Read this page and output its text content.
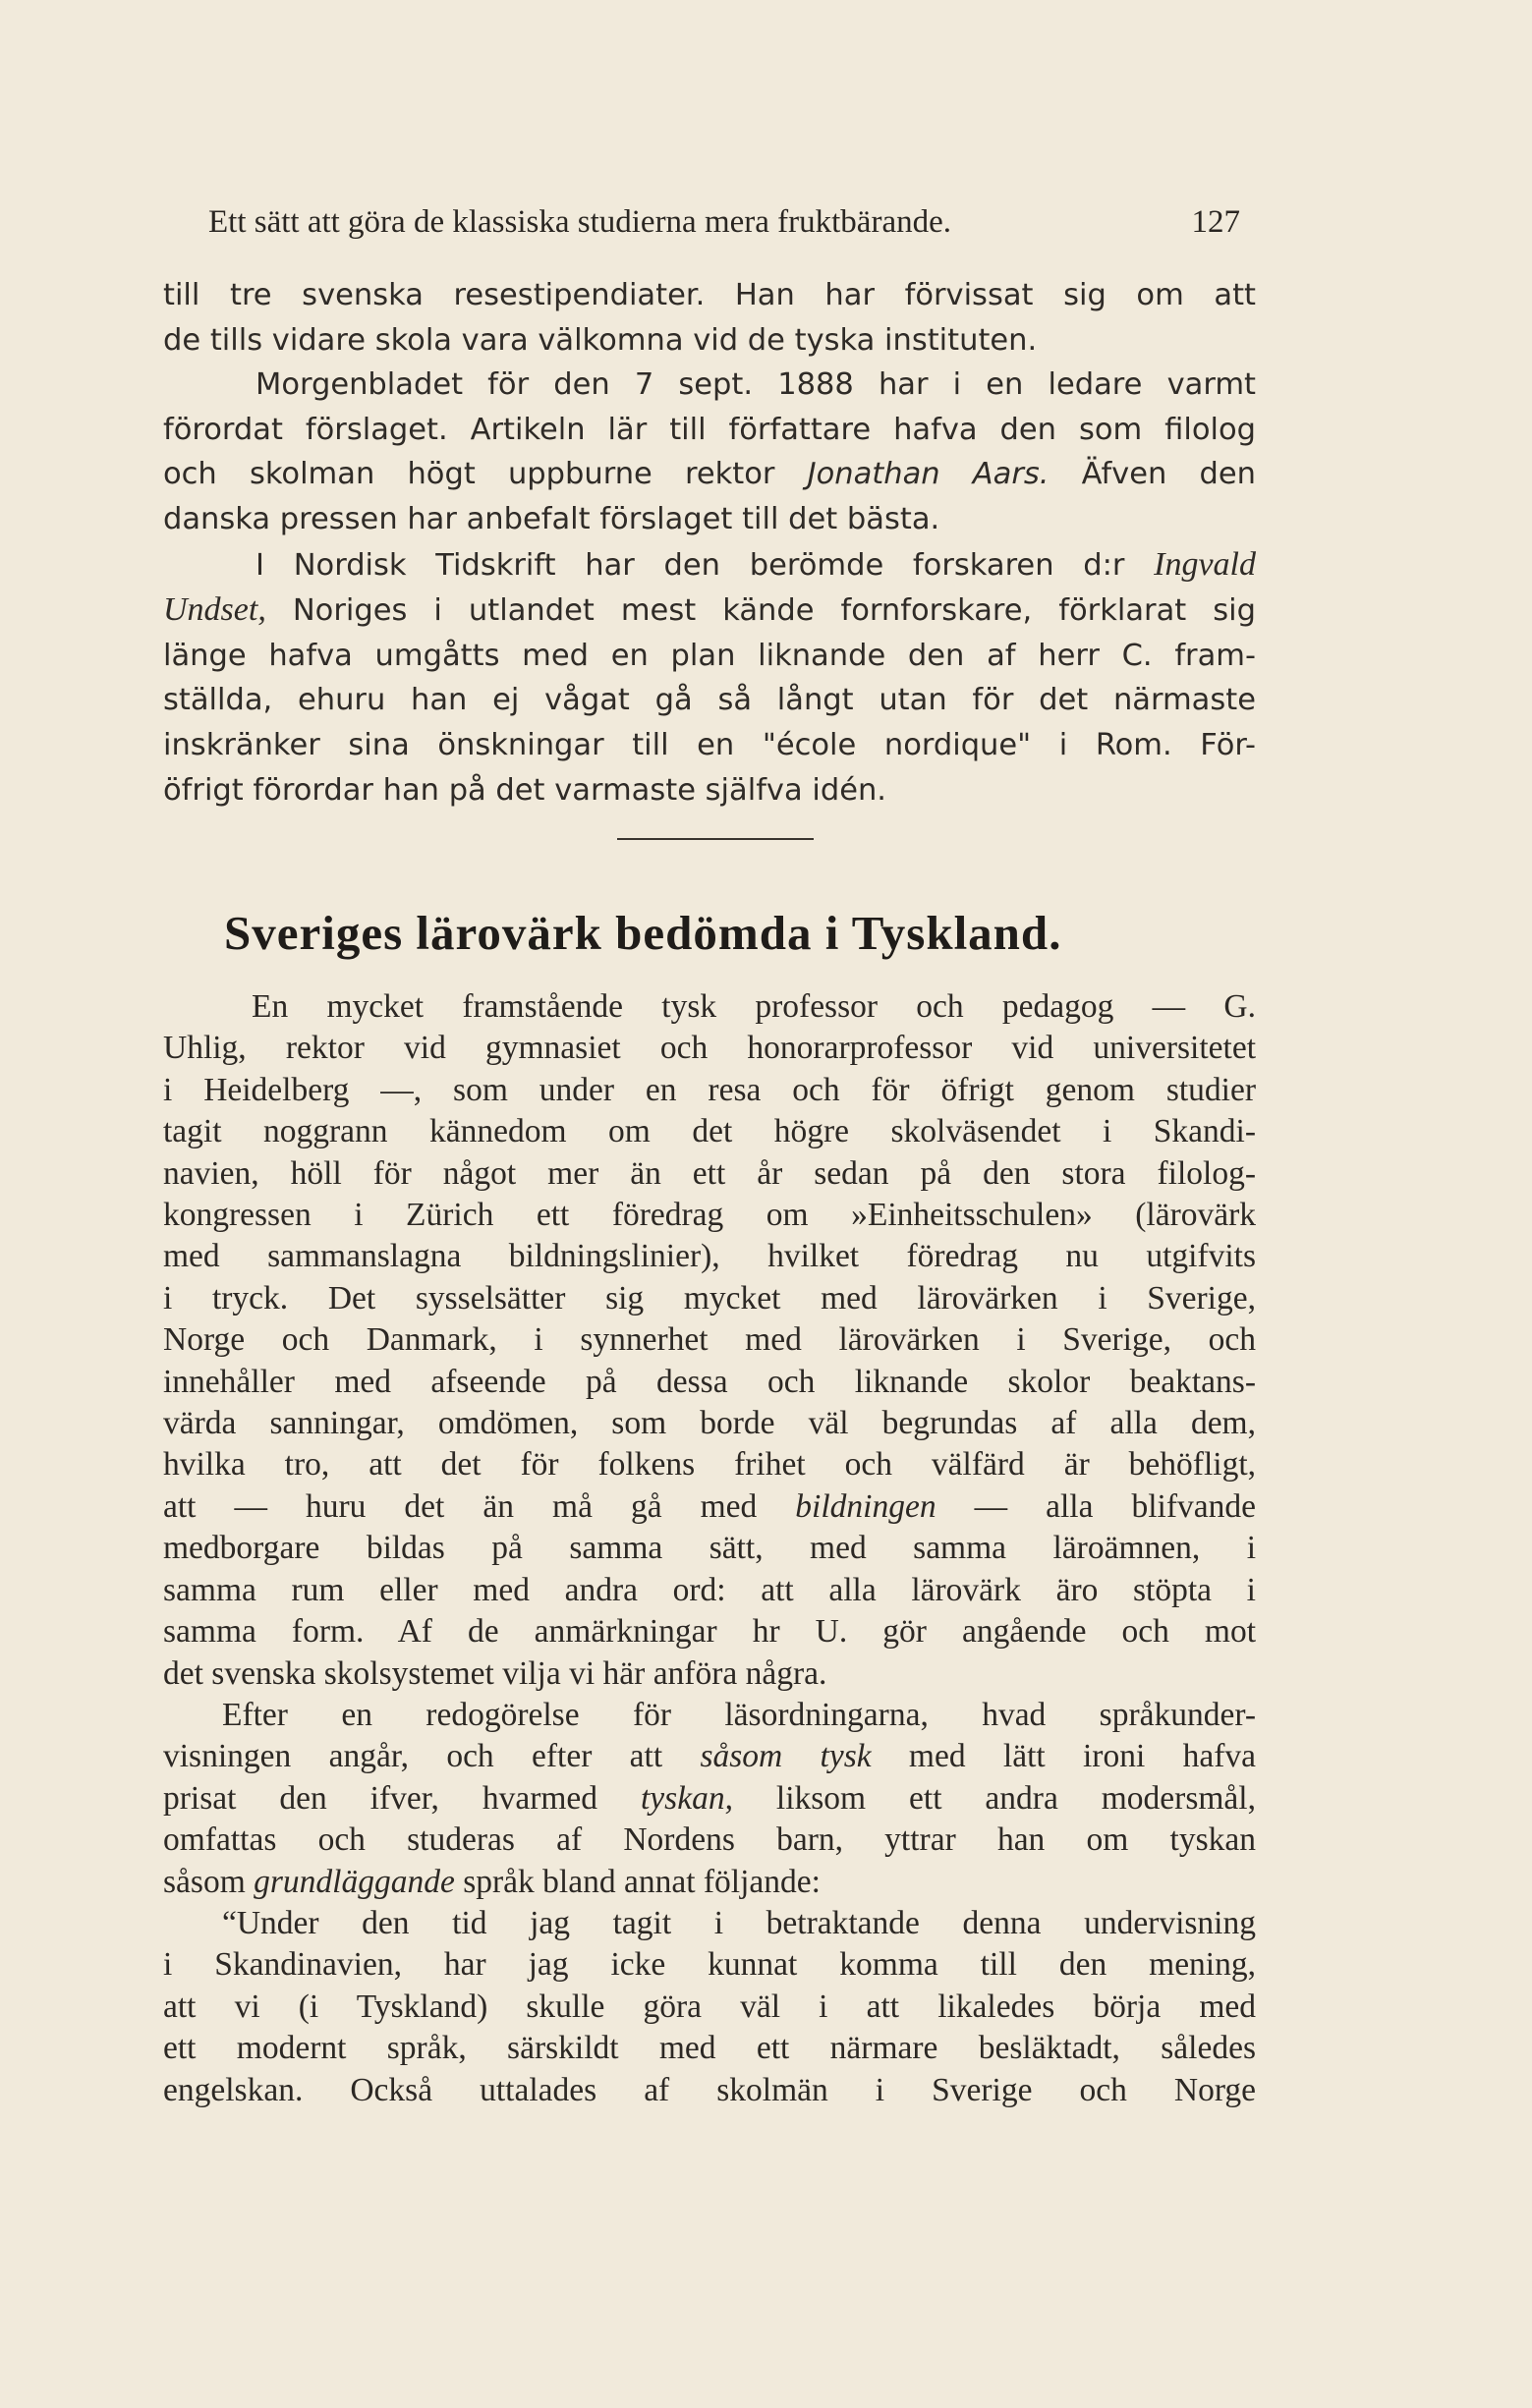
Ett sätt att göra de klassiska studierna mera fruktbärande.	127
till tre svenska resestipendiater. Han har förvissat sig om att
de tills vidare skola vara välkomna vid de tyska instituten.
Morgenbladet för den 7 sept. 1888 har i en ledare varmt
förordat förslaget. Artikeln lär till författare hafva den som filolog
och skolman högt uppburne rektor Jonathan Aars. Äfven den
danska pressen har anbefalt förslaget till det bästa.
I Nordisk Tidskrift har den berömde forskaren d:r Ingvald
Undset, Noriges i utlandet mest kände fornforskare, förklarat sig
länge hafva umgåtts med en plan liknande den af herr C. fram-
ställda, ehuru han ej vågat gå så långt utan för det närmaste
inskränker sina önskningar till en "école nordique" i Rom. För-
öfrigt förordar han på det varmaste själfva idén.
Sveriges lärovärk bedömda i Tyskland.
En mycket framstående tysk professor och pedagog — G.
Uhlig, rektor vid gymnasiet och honorarprofessor vid universitetet
i Heidelberg —, som under en resa och för öfrigt genom studier
tagit noggrann kännedom om det högre skolväsendet i Skandi-
navien, höll för något mer än ett år sedan på den stora filolog-
kongressen i Zürich ett föredrag om »Einheitsschulen» (lärovärk
med sammanslagna bildningslinier), hvilket föredrag nu utgifvits
i tryck. Det sysselsätter sig mycket med lärovärken i Sverige,
Norge och Danmark, i synnerhet med lärovärken i Sverige, och
innehåller med afseende på dessa och liknande skolor beaktans-
värda sanningar, omdömen, som borde väl begrundas af alla dem,
hvilka tro, att det för folkens frihet och välfärd är behöfligt,
att — huru det än må gå med bildningen — alla blifvande
medborgare bildas på samma sätt, med samma läroämnen, i
samma rum eller med andra ord: att alla lärovärk äro stöpta i
samma form. Af de anmärkningar hr U. gör angående och mot
det svenska skolsystemet vilja vi här anföra några.
Efter en redogörelse för läsordningarna, hvad språkunder-
visningen angår, och efter att såsom tysk med lätt ironi hafva
prisat den ifver, hvarmed tyskan, liksom ett andra modersmål,
omfattas och studeras af Nordens barn, yttrar han om tyskan
såsom grundläggande språk bland annat följande:
“Under den tid jag tagit i betraktande denna undervisning
i Skandinavien, har jag icke kunnat komma till den mening,
att vi (i Tyskland) skulle göra väl i att likaledes börja med
ett modernt språk, särskildt med ett närmare besläktadt, således
engelskan. Också uttalades af skolmän i Sverige och Norge
